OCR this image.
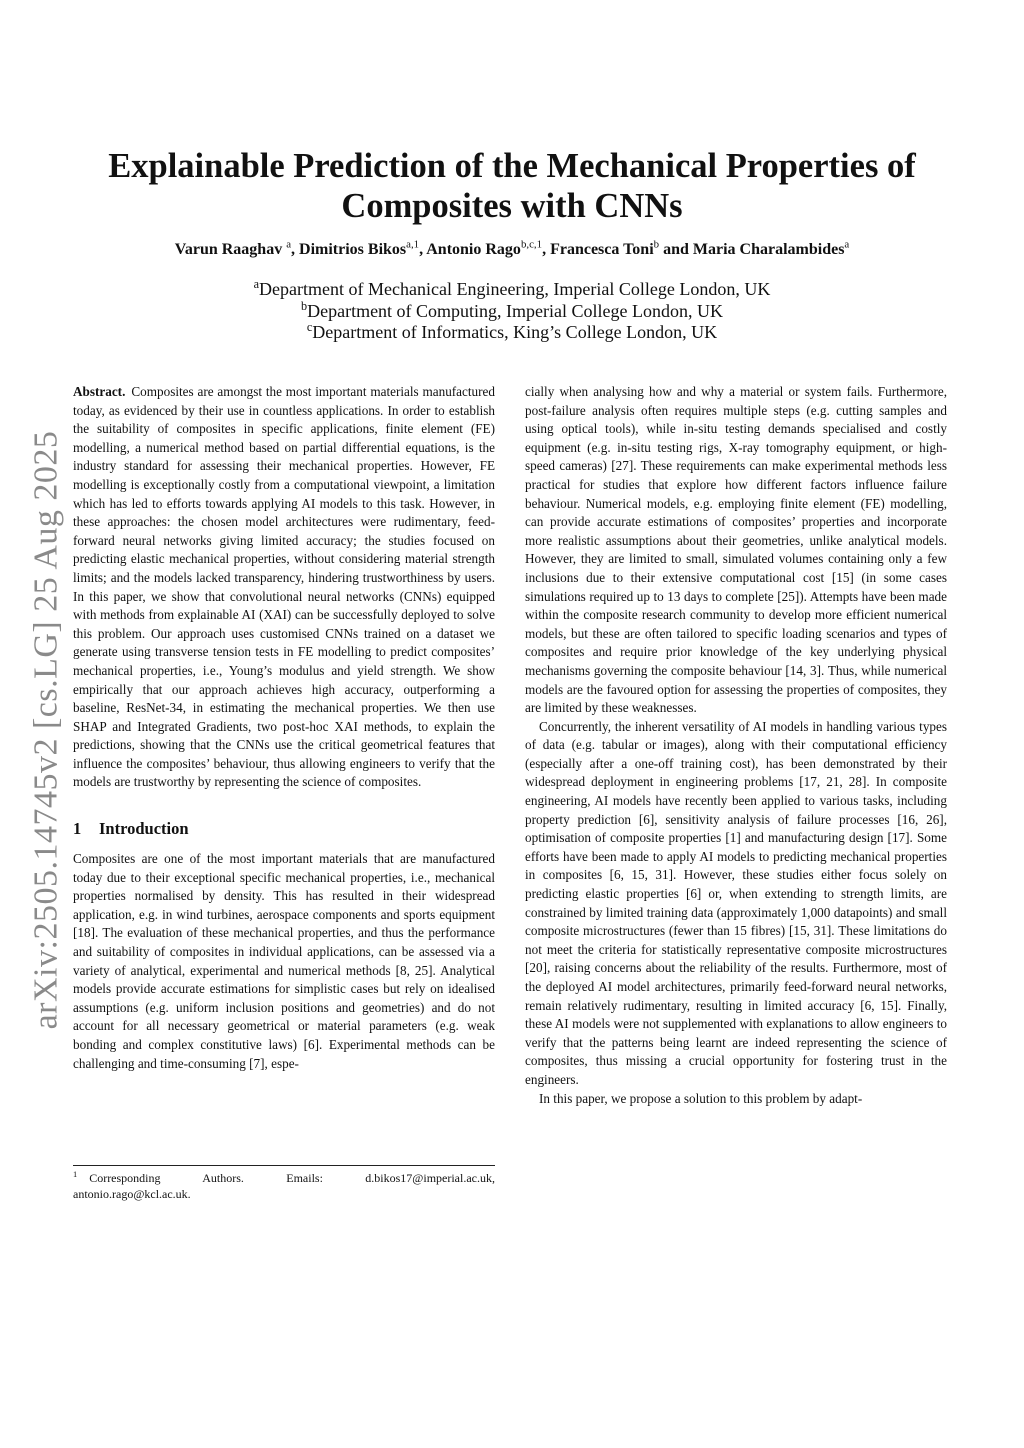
arXiv:2505.14745v2 [cs.LG] 25 Aug 2025
Explainable Prediction of the Mechanical Properties of Composites with CNNs
Varun Raaghav $^a$, Dimitrios Bikos$^{a,1}$, Antonio Rago$^{b,c,1}$, Francesca Toni$^b$ and Maria Charalambides$^a$
$^a$Department of Mechanical Engineering, Imperial College London, UK
$^b$Department of Computing, Imperial College London, UK
$^c$Department of Informatics, King’s College London, UK

Abstract. Composites are amongst the most important materials manufactured today, as evidenced by their use in countless applications. In order to establish the suitability of composites in specific applications, finite element (FE) modelling, a numerical method based on partial differential equations, is the industry standard for assessing their mechanical properties. However, FE modelling is exceptionally costly from a computational viewpoint, a limitation which has led to efforts towards applying AI models to this task. However, in these approaches: the chosen model architectures were rudimentary, feed-forward neural networks giving limited accuracy; the studies focused on predicting elastic mechanical properties, without considering material strength limits; and the models lacked transparency, hindering trustworthiness by users. In this paper, we show that convolutional neural networks (CNNs) equipped with methods from explainable AI (XAI) can be successfully deployed to solve this problem. Our approach uses customised CNNs trained on a dataset we generate using transverse tension tests in FE modelling to predict composites’ mechanical properties, i.e., Young’s modulus and yield strength. We show empirically that our approach achieves high accuracy, outperforming a baseline, ResNet-34, in estimating the mechanical properties. We then use SHAP and Integrated Gradients, two post-hoc XAI methods, to explain the predictions, showing that the CNNs use the critical geometrical features that influence the composites’ behaviour, thus allowing engineers to verify that the models are trustworthy by representing the science of composites.

1 Introduction

Composites are one of the most important materials that are manufactured today due to their exceptional specific mechanical properties, i.e., mechanical properties normalised by density. This has resulted in their widespread application, e.g. in wind turbines, aerospace components and sports equipment [18]. The evaluation of these mechanical properties, and thus the performance and suitability of composites in individual applications, can be assessed via a variety of analytical, experimental and numerical methods [8, 25]. Analytical models provide accurate estimations for simplistic cases but rely on idealised assumptions (e.g. uniform inclusion positions and geometries) and do not account for all necessary geometrical or material parameters (e.g. weak bonding and complex constitutive laws) [6]. Experimental methods can be challenging and time-consuming [7], espe-

$^1$ Corresponding Authors. Emails: d.bikos17@imperial.ac.uk, antonio.rago@kcl.ac.uk.

cially when analysing how and why a material or system fails. Furthermore, post-failure analysis often requires multiple steps (e.g. cutting samples and using optical tools), while in-situ testing demands specialised and costly equipment (e.g. in-situ testing rigs, X-ray tomography equipment, or high-speed cameras) [27]. These requirements can make experimental methods less practical for studies that explore how different factors influence failure behaviour. Numerical models, e.g. employing finite element (FE) modelling, can provide accurate estimations of composites’ properties and incorporate more realistic assumptions about their geometries, unlike analytical models. However, they are limited to small, simulated volumes containing only a few inclusions due to their extensive computational cost [15] (in some cases simulations required up to 13 days to complete [25]). Attempts have been made within the composite research community to develop more efficient numerical models, but these are often tailored to specific loading scenarios and types of composites and require prior knowledge of the key underlying physical mechanisms governing the composite behaviour [14, 3]. Thus, while numerical models are the favoured option for assessing the properties of composites, they are limited by these weaknesses.

Concurrently, the inherent versatility of AI models in handling various types of data (e.g. tabular or images), along with their computational efficiency (especially after a one-off training cost), has been demonstrated by their widespread deployment in engineering problems [17, 21, 28]. In composite engineering, AI models have recently been applied to various tasks, including property prediction [6], sensitivity analysis of failure processes [16, 26], optimisation of composite properties [1] and manufacturing design [17]. Some efforts have been made to apply AI models to predicting mechanical properties in composites [6, 15, 31]. However, these studies either focus solely on predicting elastic properties [6] or, when extending to strength limits, are constrained by limited training data (approximately 1,000 datapoints) and small composite microstructures (fewer than 15 fibres) [15, 31]. These limitations do not meet the criteria for statistically representative composite microstructures [20], raising concerns about the reliability of the results. Furthermore, most of the deployed AI model architectures, primarily feed-forward neural networks, remain relatively rudimentary, resulting in limited accuracy [6, 15]. Finally, these AI models were not supplemented with explanations to allow engineers to verify that the patterns being learnt are indeed representing the science of composites, thus missing a crucial opportunity for fostering trust in the engineers.

In this paper, we propose a solution to this problem by adapt-
